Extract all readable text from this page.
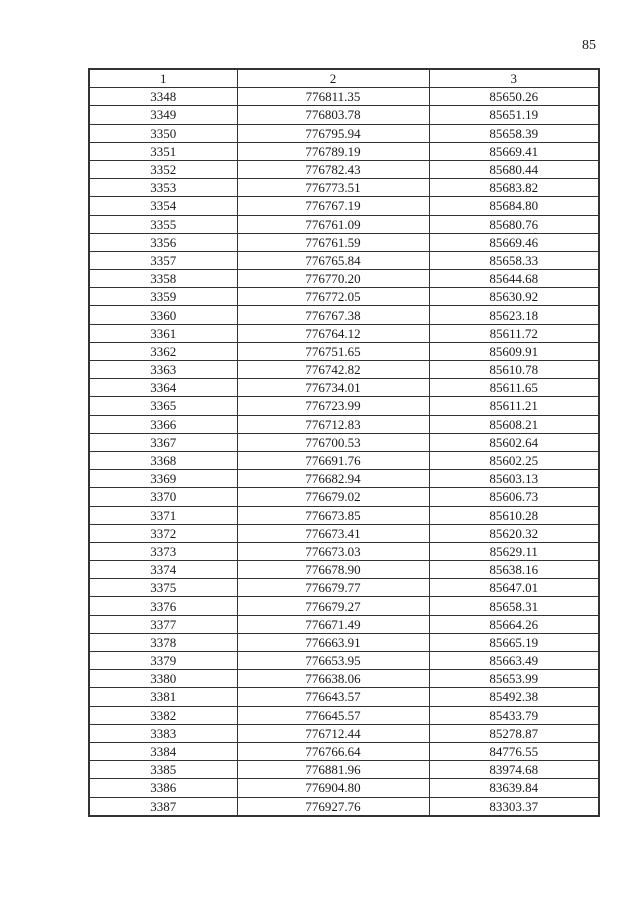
85
1	2	3
3348	776811.35	85650.26
3349	776803.78	85651.19
3350	776795.94	85658.39
3351	776789.19	85669.41
3352	776782.43	85680.44
3353	776773.51	85683.82
3354	776767.19	85684.80
3355	776761.09	85680.76
3356	776761.59	85669.46
3357	776765.84	85658.33
3358	776770.20	85644.68
3359	776772.05	85630.92
3360	776767.38	85623.18
3361	776764.12	85611.72
3362	776751.65	85609.91
3363	776742.82	85610.78
3364	776734.01	85611.65
3365	776723.99	85611.21
3366	776712.83	85608.21
3367	776700.53	85602.64
3368	776691.76	85602.25
3369	776682.94	85603.13
3370	776679.02	85606.73
3371	776673.85	85610.28
3372	776673.41	85620.32
3373	776673.03	85629.11
3374	776678.90	85638.16
3375	776679.77	85647.01
3376	776679.27	85658.31
3377	776671.49	85664.26
3378	776663.91	85665.19
3379	776653.95	85663.49
3380	776638.06	85653.99
3381	776643.57	85492.38
3382	776645.57	85433.79
3383	776712.44	85278.87
3384	776766.64	84776.55
3385	776881.96	83974.68
3386	776904.80	83639.84
3387	776927.76	83303.37
